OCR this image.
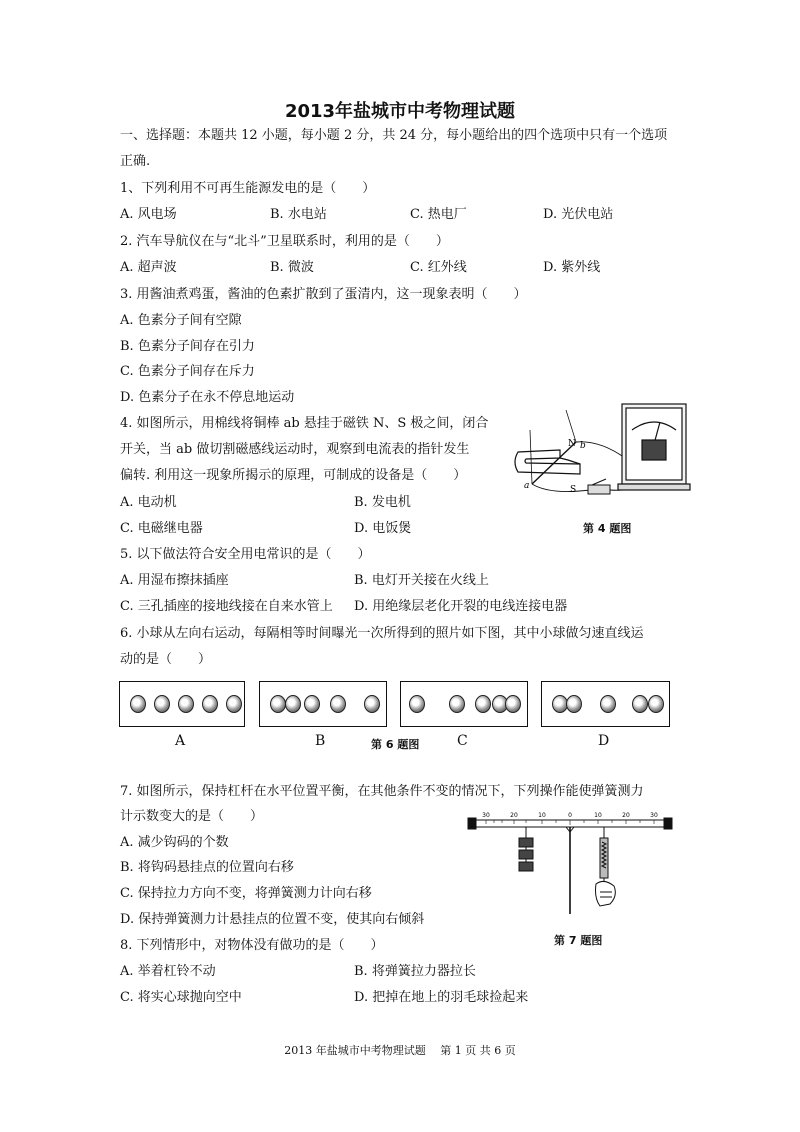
2013年盐城市中考物理试题
一、选择题：本题共 12 小题，每小题 2 分，共 24 分，每小题给出的四个选项中只有一个选项
正确.
1、下列利用不可再生能源发电的是（　　）
A. 风电场	B. 水电站	C. 热电厂	D. 光伏电站
2. 汽车导航仪在与“北斗”卫星联系时，利用的是（　　）
A. 超声波	B. 微波	C. 红外线	D. 紫外线
3. 用酱油煮鸡蛋，酱油的色素扩散到了蛋清内，这一现象表明（　　）
A. 色素分子间有空隙
B. 色素分子间存在引力
C. 色素分子间存在斥力
D. 色素分子在永不停息地运动
4. 如图所示，用棉线将铜棒 ab 悬挂于磁铁 N、S 极之间，闭合
开关，当 ab 做切割磁感线运动时，观察到电流表的指针发生
偏转. 利用这一现象所揭示的原理，可制成的设备是（　　）
A. 电动机	B. 发电机
C. 电磁继电器	D. 电饭煲
N b
a	S
第 4 题图
5. 以下做法符合安全用电常识的是（　　）
A. 用湿布擦抹插座	B. 电灯开关接在火线上
C. 三孔插座的接地线接在自来水管上 D. 用绝缘层老化开裂的电线连接电器
6. 小球从左向右运动，每隔相等时间曝光一次所得到的照片如下图，其中小球做匀速直线运
动的是（　　）
A	B	C	D
第 6 题图
7. 如图所示，保持杠杆在水平位置平衡，在其他条件不变的情况下，下列操作能使弹簧测力
计示数变大的是（　　）
A. 减少钩码的个数
B. 将钩码悬挂点的位置向右移
C. 保持拉力方向不变，将弹簧测力计向右移
D. 保持弹簧测力计悬挂点的位置不变，使其向右倾斜
30	20	10	0	10	20	30
第 7 题图
8. 下列情形中，对物体没有做功的是（　　）
A. 举着杠铃不动	B. 将弹簧拉力器拉长
C. 将实心球抛向空中	D. 把掉在地上的羽毛球捡起来
2013 年盐城市中考物理试题　 第 1 页 共 6 页
